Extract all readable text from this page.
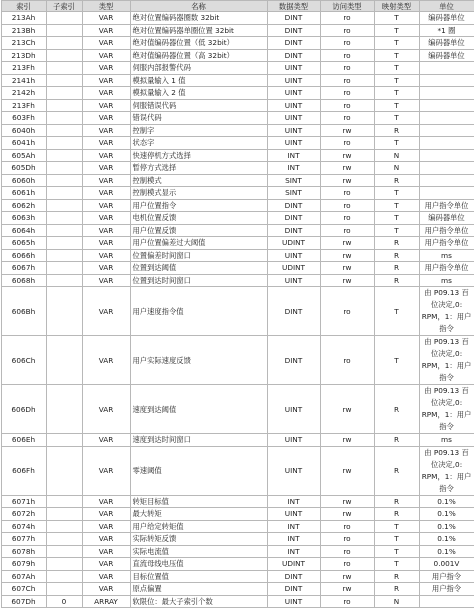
索引	子索引	类型	名称	数据类型	访问类型	映射类型	单位
213Ah		VAR	绝对位置编码器圈数 32bit	DINT	ro	T	编码器单位
213Bh		VAR	绝对位置编码器单圈位置 32bit	DINT	ro	T	*1 圈
213Ch		VAR	绝对值编码器位置（低 32bit）	DINT	ro	T	编码器单位
213Dh		VAR	绝对值编码器位置（高 32bit）	DINT	ro	T	编码器单位
213Fh		VAR	伺服内部报警代码	UINT	ro	T	
2141h		VAR	模拟量输入 1 值	UINT	ro	T	
2142h		VAR	模拟量输入 2 值	UINT	ro	T	
213Fh		VAR	伺服错误代码	UINT	ro	T	
603Fh		VAR	错误代码	UINT	ro	T	
6040h		VAR	控制字	UINT	rw	R	
6041h		VAR	状态字	UINT	ro	T	
605Ah		VAR	快速停机方式选择	INT	rw	N	
605Dh		VAR	暂停方式选择	INT	rw	N	
6060h		VAR	控制模式	SINT	rw	R	
6061h		VAR	控制模式显示	SINT	ro	T	
6062h		VAR	用户位置指令	DINT	ro	T	用户指令单位
6063h		VAR	电机位置反馈	DINT	ro	T	编码器单位
6064h		VAR	用户位置反馈	DINT	ro	T	用户指令单位
6065h		VAR	用户位置偏差过大阈值	UDINT	rw	R	用户指令单位
6066h		VAR	位置偏差时间窗口	UINT	rw	R	ms
6067h		VAR	位置到达阈值	UDINT	rw	R	用户指令单位
6068h		VAR	位置到达时间窗口	UINT	rw	R	ms
606Bh		VAR	用户速度指令值	DINT	ro	T	由 P09.13 百位决定,0: RPM，1：用户指令
606Ch		VAR	用户实际速度反馈	DINT	ro	T	由 P09.13 百位决定,0: RPM，1：用户指令
606Dh		VAR	速度到达阈值	UINT	rw	R	由 P09.13 百位决定,0: RPM，1：用户指令
606Eh		VAR	速度到达时间窗口	UINT	rw	R	ms
606Fh		VAR	零速阈值	UINT	rw	R	由 P09.13 百位决定,0: RPM，1：用户指令
6071h		VAR	转矩目标值	INT	rw	R	0.1%
6072h		VAR	最大转矩	UINT	rw	R	0.1%
6074h		VAR	用户给定转矩值	INT	ro	T	0.1%
6077h		VAR	实际转矩反馈	INT	ro	T	0.1%
6078h		VAR	实际电流值	INT	ro	T	0.1%
6079h		VAR	直流母线电压值	UDINT	ro	T	0.001V
607Ah		VAR	目标位置值	DINT	rw	R	用户指令
607Ch		VAR	原点偏置	DINT	rw	R	用户指令
607Dh	0	ARRAY	软限位：最大子索引个数	UINT	ro	N	
